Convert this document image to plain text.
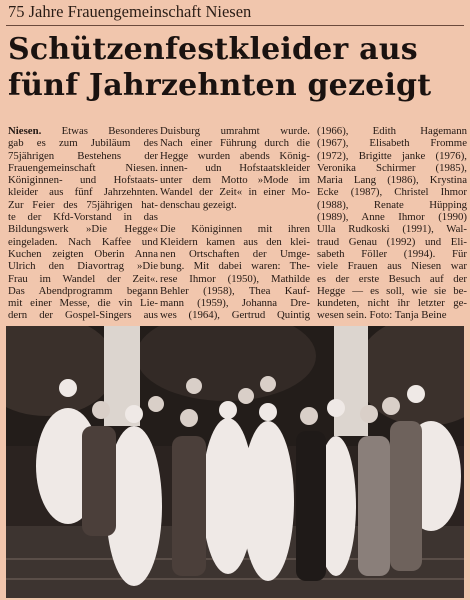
75 Jahre Frauengemeinschaft Niesen
Schützenfestkleider aus
fünf Jahrzehnten gezeigt
Niesen. Etwas Besonderes
gab es zum Jubiläum des
75jährigen Bestehens der
Frauengemeinschaft Niesen.
Königinnen- und Hofstaats-
kleider aus fünf Jahrzehnten.
Zur Feier des 75jährigen hat-
te der Kfd-Vorstand in das
Bildungswerk »Die Hegge«
eingeladen. Nach Kaffee und
Kuchen zeigten Oberin Anna
Ulrich den Diavortrag »Die
Frau im Wandel der Zeit«.
Das Abendprogramm begann
mit einer Messe, die vin Lie-
dern der Gospel-Singers aus
Duisburg umrahmt wurde.
Nach einer Führung durch die
Hegge wurden abends König-
innen- udn Hofstaatskleider
unter dem Motto »Mode im
Wandel der Zeit« in einer Mo-
denschau gezeigt.
Die Königinnen mit ihren
Kleidern kamen aus den klei-
nen Ortschaften der Umge-
bung. Mit dabei waren: The-
rese Ihmor (1950), Mathilde
Behler (1958), Thea Kauf-
mann (1959), Johanna Dre-
wes (1964), Gertrud Quintig
(1966), Edith Hagemann
(1967), Elisabeth Fromme
(1972), Brigitte janke (1976),
Veronika Schirmer (1985),
Maria Lang (1986), Krystina
Ecke (1987), Christel Ihmor
(1988), Renate Hüpping
(1989), Anne Ihmor (1990)
Ulla Rudkoski (1991), Wal-
traud Genau (1992) und Eli-
sabeth Föller (1994). Für
viele Frauen aus Niesen war
es der erste Besuch auf der
Hegge — es soll, wie sie be-
kundeten, nicht ihr letzter ge-
wesen sein. Foto: Tanja Beine
